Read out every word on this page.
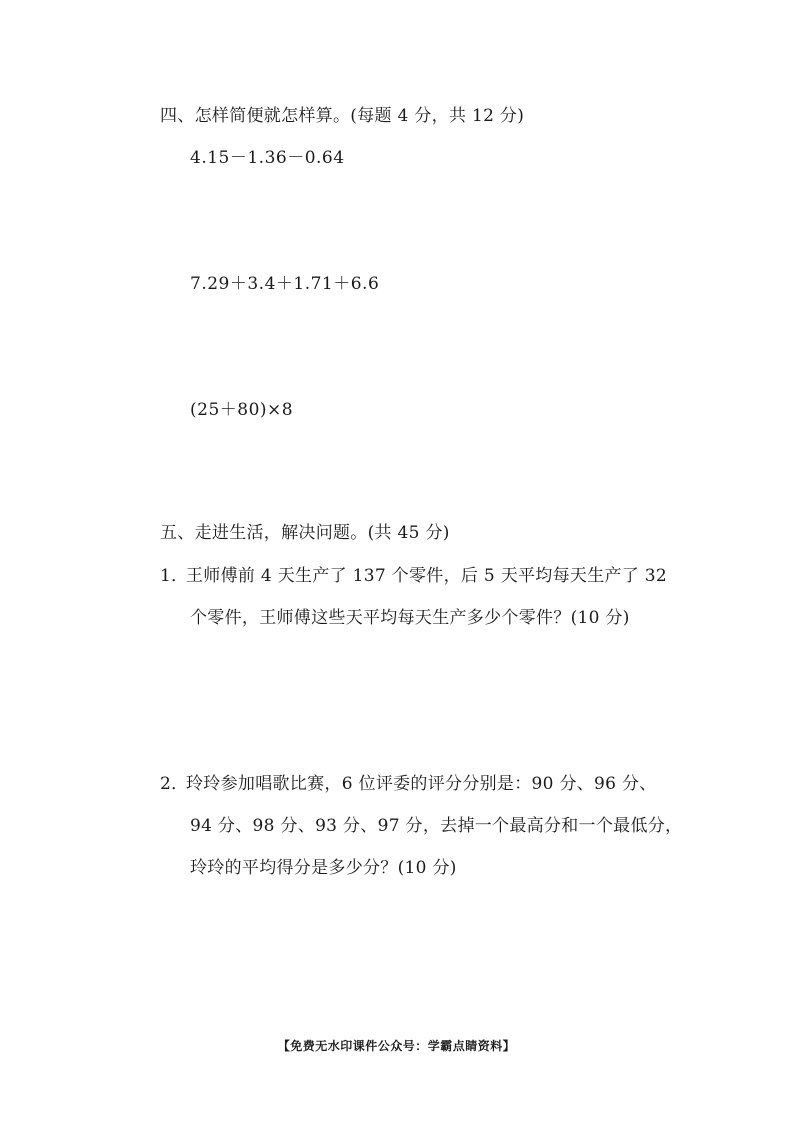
四、怎样简便就怎样算。(每题 4 分，共 12 分)
4.15－1.36－0.64
7.29＋3.4＋1.71＋6.6
(25＋80)×8
五、走进生活，解决问题。(共 45 分)
1．王师傅前 4 天生产了 137 个零件，后 5 天平均每天生产了 32
个零件，王师傅这些天平均每天生产多少个零件？(10 分)
2．玲玲参加唱歌比赛，6 位评委的评分分别是：90 分、96 分、
94 分、98 分、93 分、97 分，去掉一个最高分和一个最低分，
玲玲的平均得分是多少分？(10 分)
【免费无水印课件公众号：学霸点睛资料】
